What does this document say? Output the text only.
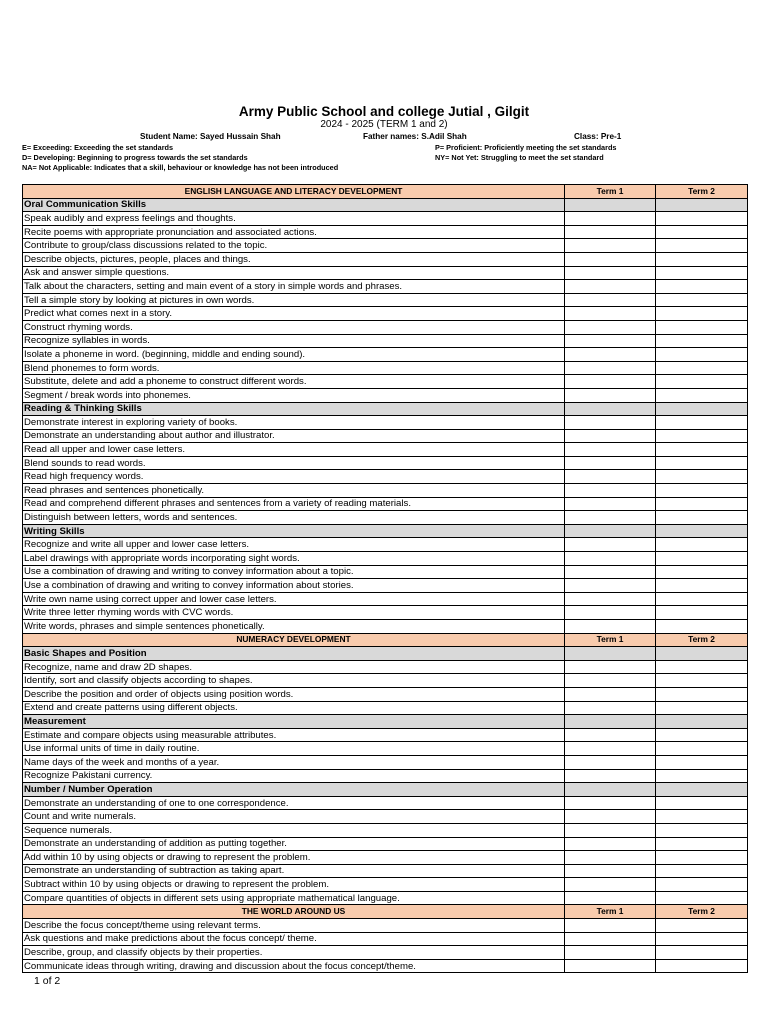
Army Public School and college Jutial , Gilgit
2024 - 2025 (TERM 1 and 2)
Student Name: Sayed Hussain Shah	Father names: S.Adil Shah	Class: Pre-1
E= Exceeding: Exceeding the set standards	P= Proficient: Proficiently meeting the set standards
D= Developing: Beginning to progress towards the set standards	NY= Not Yet: Struggling to meet the set standard
NA= Not Applicable: Indicates that a skill, behaviour or knowledge has not been introduced
ENGLISH LANGUAGE AND LITERACY DEVELOPMENT	Term 1	Term 2
Oral Communication Skills		
Speak audibly and express feelings and thoughts.		
Recite poems with appropriate pronunciation and associated actions.		
Contribute to group/class discussions related to the topic.		
Describe objects, pictures, people, places and things.		
Ask and answer simple questions.		
Talk about the characters, setting and main event of a story in simple words and phrases.		
Tell a simple story by looking at pictures in own words.		
Predict what comes next in a story.		
Construct rhyming words.		
Recognize syllables in words.		
Isolate a phoneme in word. (beginning, middle and ending sound).		
Blend phonemes to form words.		
Substitute, delete and add a phoneme to construct different words.		
Segment / break words into phonemes.		
Reading & Thinking Skills		
Demonstrate interest in exploring variety of books.		
Demonstrate an understanding about author and illustrator.		
Read all upper and lower case letters.		
Blend sounds to read words.		
Read high frequency words.		
Read phrases and sentences phonetically.		
Read and comprehend different phrases and sentences from a variety of reading materials.		
Distinguish between letters, words and sentences.		
Writing Skills		
Recognize and write all upper and lower case letters.		
Label drawings with appropriate words incorporating sight words.		
Use a combination of drawing and writing to convey information about a topic.		
Use a combination of drawing and writing to convey information about stories.		
Write own name using correct upper and lower case letters.		
Write three letter rhyming words with CVC words.		
Write words, phrases and simple sentences phonetically.		
NUMERACY DEVELOPMENT	Term 1	Term 2
Basic Shapes and Position		
Recognize, name and draw 2D shapes.		
Identify, sort and classify objects according to shapes.		
Describe the position and order of objects using position words.		
Extend and create patterns using different objects.		
Measurement		
Estimate and compare objects using measurable attributes.		
Use informal units of time in daily routine.		
Name days of the week and months of a year.		
Recognize Pakistani currency.		
Number / Number Operation		
Demonstrate an understanding of one to one correspondence.		
Count and write numerals.		
Sequence numerals.		
Demonstrate an understanding of addition as putting together.		
Add within 10 by using objects or drawing to represent the problem.		
Demonstrate an understanding of subtraction as taking apart.		
Subtract within 10 by using objects or drawing to represent the problem.		
Compare quantities of objects in different sets using appropriate mathematical language.		
THE WORLD AROUND US	Term 1	Term 2
Describe the focus concept/theme using relevant terms.		
Ask questions and make predictions about the focus concept/ theme.		
Describe, group, and classify objects by their properties.		
Communicate ideas through writing, drawing and discussion about the focus concept/theme.		
1 of 2
